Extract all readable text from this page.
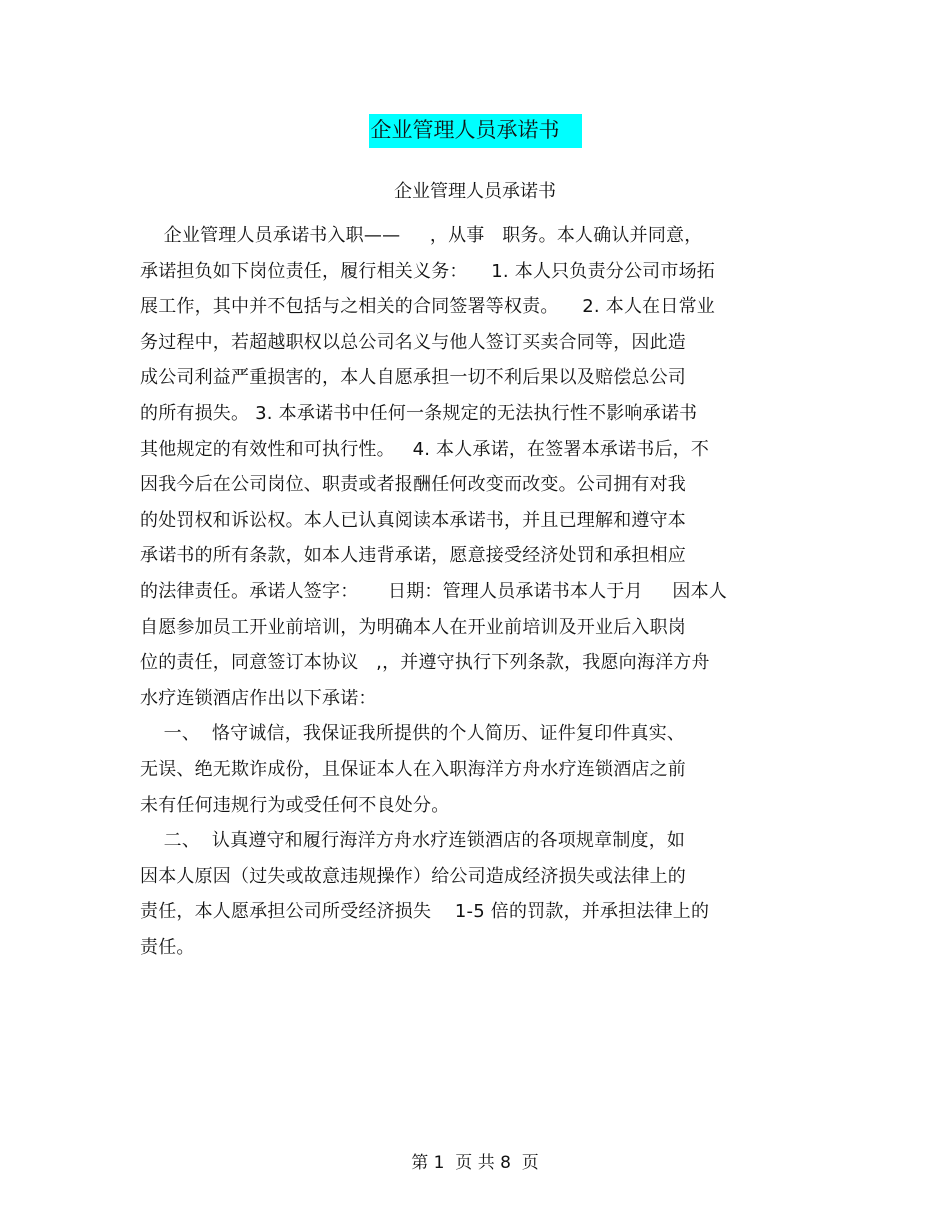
企业管理人员承诺书
企业管理人员承诺书
企业管理人员承诺书入职——     ，从事   职务。本人确认并同意，
承诺担负如下岗位责任，履行相关义务：    1. 本人只负责分公司市场拓
展工作，其中并不包括与之相关的合同签署等权责。    2. 本人在日常业
务过程中，若超越职权以总公司名义与他人签订买卖合同等，因此造
成公司利益严重损害的，本人自愿承担一切不利后果以及赔偿总公司
的所有损失。 3. 本承诺书中任何一条规定的无法执行性不影响承诺书
其他规定的有效性和可执行性。   4. 本人承诺，在签署本承诺书后，不
因我今后在公司岗位、职责或者报酬任何改变而改变。公司拥有对我
的处罚权和诉讼权。本人已认真阅读本承诺书，并且已理解和遵守本
承诺书的所有条款，如本人违背承诺，愿意接受经济处罚和承担相应
的法律责任。承诺人签字：     日期：管理人员承诺书本人于月     因本人
自愿参加员工开业前培训，为明确本人在开业前培训及开业后入职岗
位的责任，同意签订本协议   ,，并遵守执行下列条款，我愿向海洋方舟
水疗连锁酒店作出以下承诺：
一、  恪守诚信，我保证我所提供的个人简历、证件复印件真实、
无误、绝无欺诈成份，且保证本人在入职海洋方舟水疗连锁酒店之前
未有任何违规行为或受任何不良处分。
二、  认真遵守和履行海洋方舟水疗连锁酒店的各项规章制度，如
因本人原因（过失或故意违规操作）给公司造成经济损失或法律上的
责任，本人愿承担公司所受经济损失    1-5 倍的罚款，并承担法律上的
责任。
第 1  页 共 8  页
